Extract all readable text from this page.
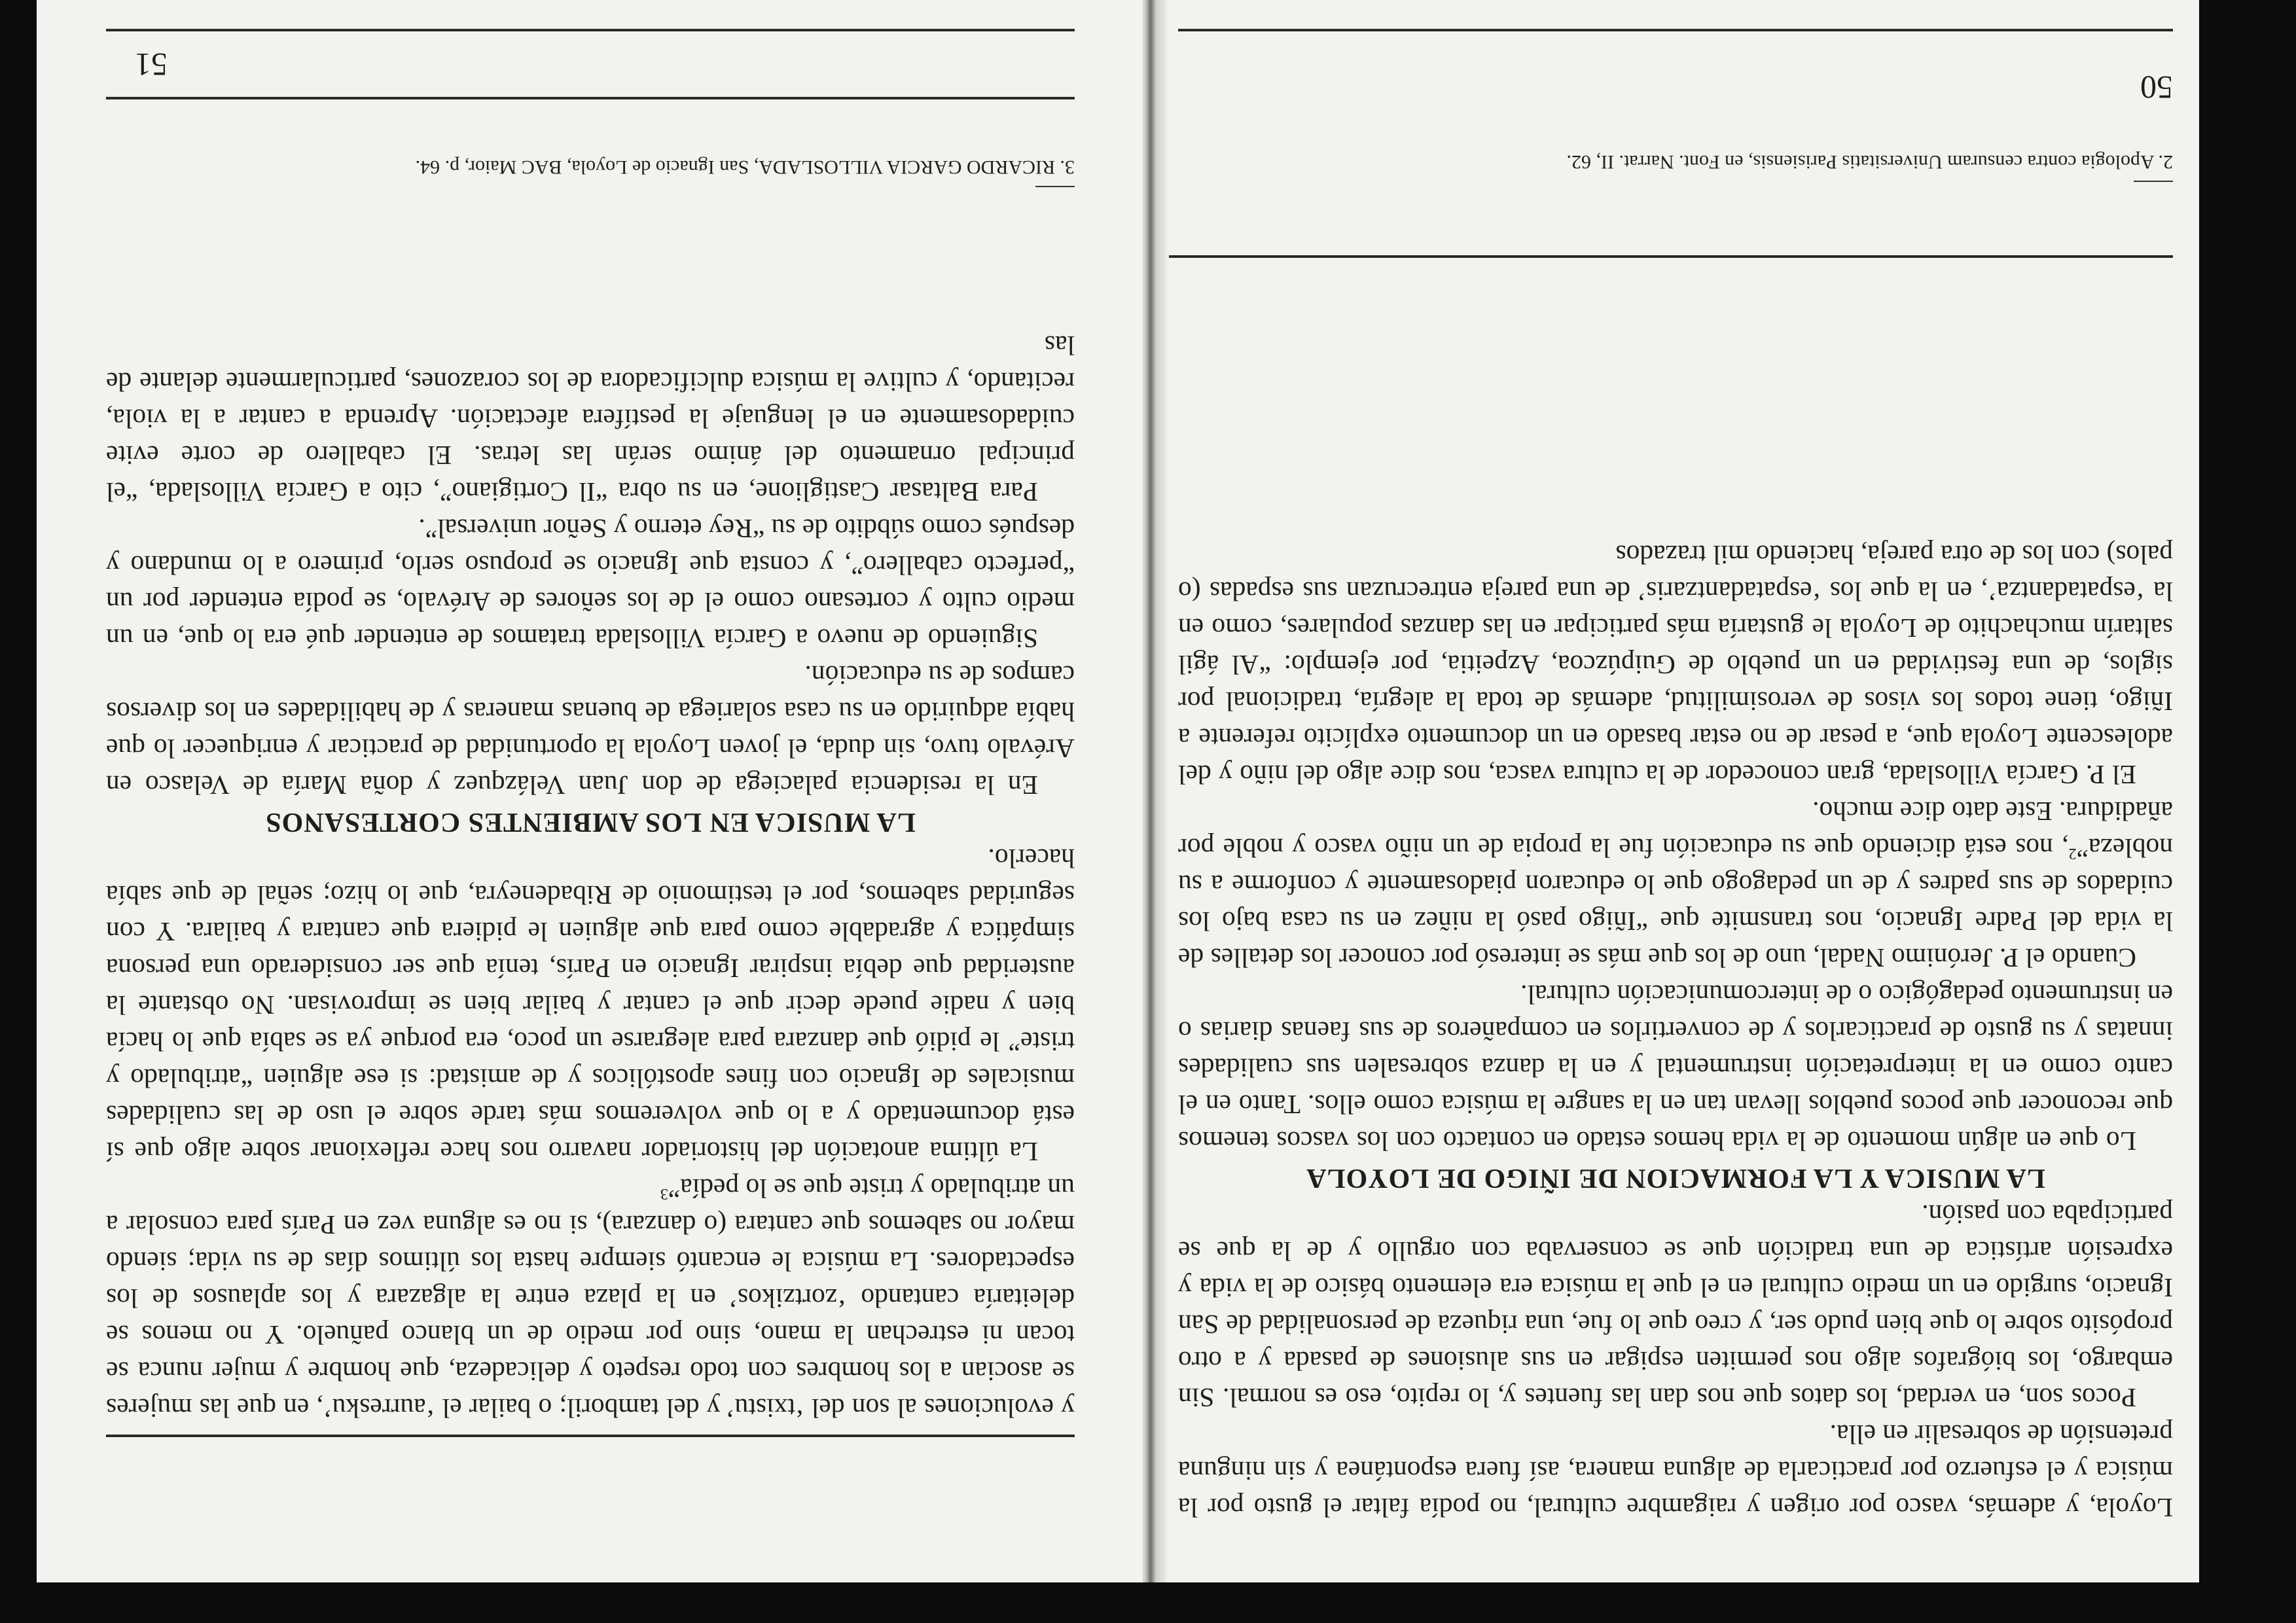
Loyola, y además, vasco por origen y raigambre cultural, no podía faltar el gusto por la música y el esfuerzo por practicarla de alguna manera, así fuera espontánea y sin ninguna pretensión de sobresalir en ella.

Pocos son, en verdad, los datos que nos dan las fuentes y, lo repito, eso es normal. Sin embargo, los biógrafos algo nos permiten espigar en sus alusiones de pasada y a otro propósito sobre lo que bien pudo ser, y creo que lo fue, una riqueza de personalidad de San Ignacio, surgido en un medio cultural en el que la música era elemento básico de la vida y expresión artística de una tradición que se conservaba con orgullo y de la que se participaba con pasión.

LA MUSICA Y LA FORMACION DE IÑIGO DE LOYOLA

Lo que en algún momento de la vida hemos estado en contacto con los vascos tenemos que reconocer que pocos pueblos llevan tan en la sangre la música como ellos. Tanto en el canto como en la interpretación instrumental y en la danza sobresalen sus cualidades innatas y su gusto de practicarlos y de convertirlos en compañeros de sus faenas diarias o en instrumento pedagógico o de intercomunicación cultural.

Cuando el P. Jerónimo Nadal, uno de los que más se interesó por conocer los detalles de la vida del Padre Ignacio, nos transmite que “Iñigo pasó la niñez en su casa bajo los cuidados de sus padres y de un pedagogo que lo educaron piadosamente y conforme a su nobleza”$^2$, nos está diciendo que su educación fue la propia de un niño vasco y noble por añadidura. Este dato dice mucho.

El P. García Villoslada, gran conocedor de la cultura vasca, nos dice algo del niño y del adolescente Loyola que, a pesar de no estar basado en un documento explícito referente a Iñigo, tiene todos los visos de verosimilitud, además de toda la alegría, tradicional por siglos, de una festividad en un pueblo de Guipúzcoa, Azpeitia, por ejemplo: “Al ágil saltarín muchachito de Loyola le gustaría más participar en las danzas populares, como en la ‘espatadantza’, en la que los ‘espatadantzaris’ de una pareja entrecruzan sus espadas (o palos) con los de otra pareja, haciendo mil trazados

2. Apologia contra censuram Universitatis Parisiensis, en Font. Narrat. II, 62.
50

y evoluciones al son del ‘txistu’ y del tamboril; o bailar el ‘aurresku’, en que las mujeres se asocian a los hombres con todo respeto y delicadeza, que hombre y mujer nunca se tocan ni estrechan la mano, sino por medio de un blanco pañuelo. Y no menos se deleitaría cantando ‘zortzikos’ en la plaza entre la algazara y los aplausos de los espectadores. La música le encantó siempre hasta los últimos días de su vida; siendo mayor no sabemos que cantara (o danzara), si no es alguna vez en París para consolar a un atribulado y triste que se lo pedía”$^3$

La última anotación del historiador navarro nos hace reflexionar sobre algo que sí está documentado y a lo que volveremos más tarde sobre el uso de las cualidades musicales de Ignacio con fines apostólicos y de amistad: si ese alguien “atribulado y triste” le pidió que danzara para alegrarse un poco, era porque ya se sabía que lo hacía bien y nadie puede decir que el cantar y bailar bien se improvisan. No obstante la austeridad que debía inspirar Ignacio en París, tenía que ser considerado una persona simpática y agradable como para que alguien le pidiera que cantara y bailara. Y con seguridad sabemos, por el testimonio de Ribadeneyra, que lo hizo; señal de que sabía hacerlo.

LA MUSICA EN LOS AMBIENTES CORTESANOS

En la residencia palaciega de don Juan Velázquez y doña María de Velasco en Arévalo tuvo, sin duda, el joven Loyola la oportunidad de practicar y enriquecer lo que había adquirido en su casa solariega de buenas maneras y de habilidades en los diversos campos de su educación.

Siguiendo de nuevo a García Villoslada tratamos de entender qué era lo que, en un medio culto y cortesano como el de los señores de Arévalo, se podía entender por un “perfecto caballero”, y consta que Ignacio se propuso serlo, primero a lo mundano y después como súbdito de su “Rey eterno y Señor universal”.

Para Baltasar Castiglione, en su obra “Il Cortigiano”, cito a García Villoslada, “el principal ornamento del ánimo serán las letras. El caballero de corte evite cuidadosamente en el lenguaje la pestífera afectación. Aprenda a cantar a la viola, recitando, y cultive la música dulcificadora de los corazones, particularmente delante de las

3. RICARDO GARCIA VILLOSLADA, San Ignacio de Loyola, BAC Maior, p. 64.
51
